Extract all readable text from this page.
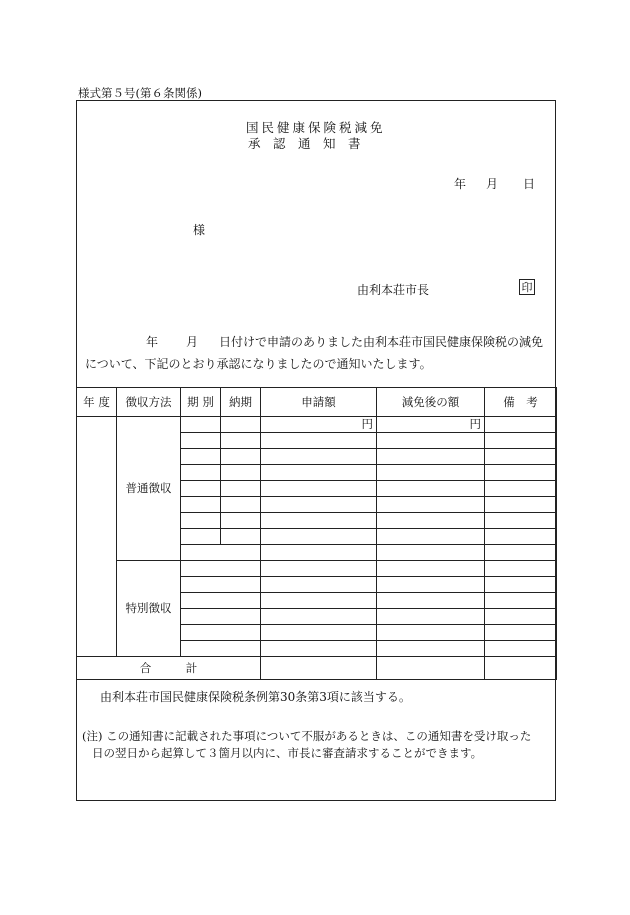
様式第５号(第６条関係)
国民健康保険税減免
承　認　通　知　書
年 月 日
様
由利本荘市長	印
年 月 日付けで申請のありました由利本荘市国民健康保険税の減免
について、下記のとおり承認になりましたので通知いたします。
年 度	徴収方法	期 別	納期	申請額	減免後の額	備　考
	普通徴収			円	円	

	特別徴収					

合　　　計						
由利本荘市国民健康保険税条例第30条第3項に該当する。
(注) この通知書に記載された事項について不服があるときは、この通知書を受け取った
日の翌日から起算して３箇月以内に、市長に審査請求することができます。
